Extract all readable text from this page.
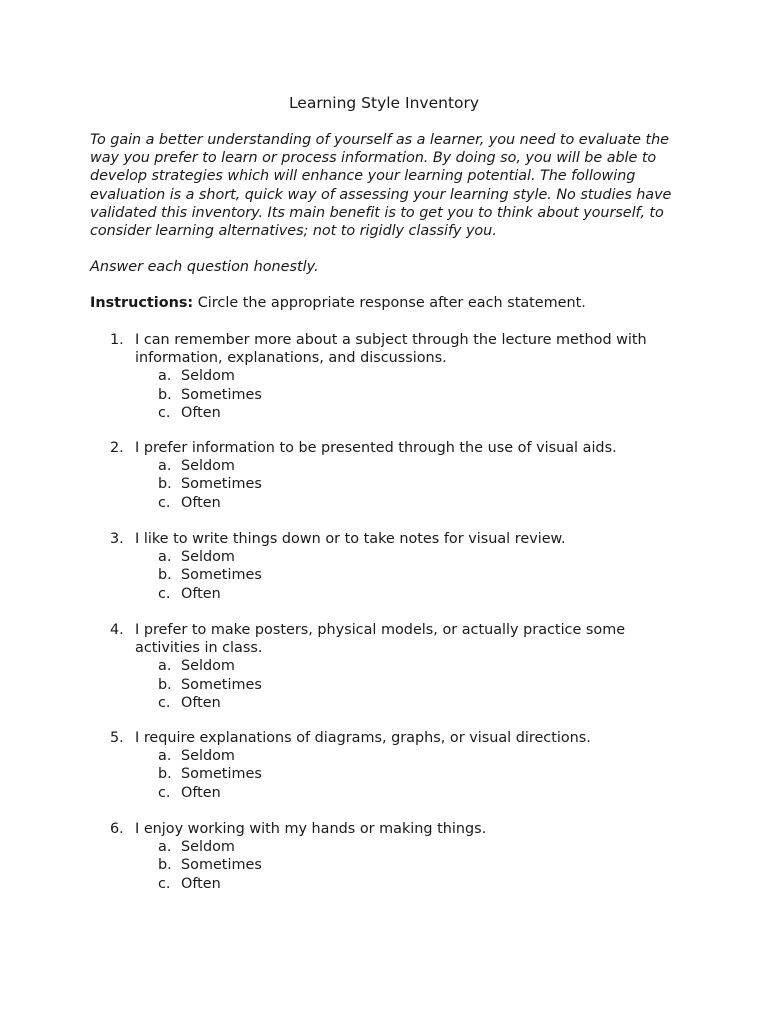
Learning Style Inventory

To gain a better understanding of yourself as a learner, you need to evaluate the way you prefer to learn or process information. By doing so, you will be able to develop strategies which will enhance your learning potential. The following evaluation is a short, quick way of assessing your learning style. No studies have validated this inventory. Its main benefit is to get you to think about yourself, to consider learning alternatives; not to rigidly classify you.

Answer each question honestly.

Instructions: Circle the appropriate response after each statement.

1. I can remember more about a subject through the lecture method with information, explanations, and discussions.
a. Seldom
b. Sometimes
c. Often
2. I prefer information to be presented through the use of visual aids.
a. Seldom
b. Sometimes
c. Often
3. I like to write things down or to take notes for visual review.
a. Seldom
b. Sometimes
c. Often
4. I prefer to make posters, physical models, or actually practice some activities in class.
a. Seldom
b. Sometimes
c. Often
5. I require explanations of diagrams, graphs, or visual directions.
a. Seldom
b. Sometimes
c. Often
6. I enjoy working with my hands or making things.
a. Seldom
b. Sometimes
c. Often
